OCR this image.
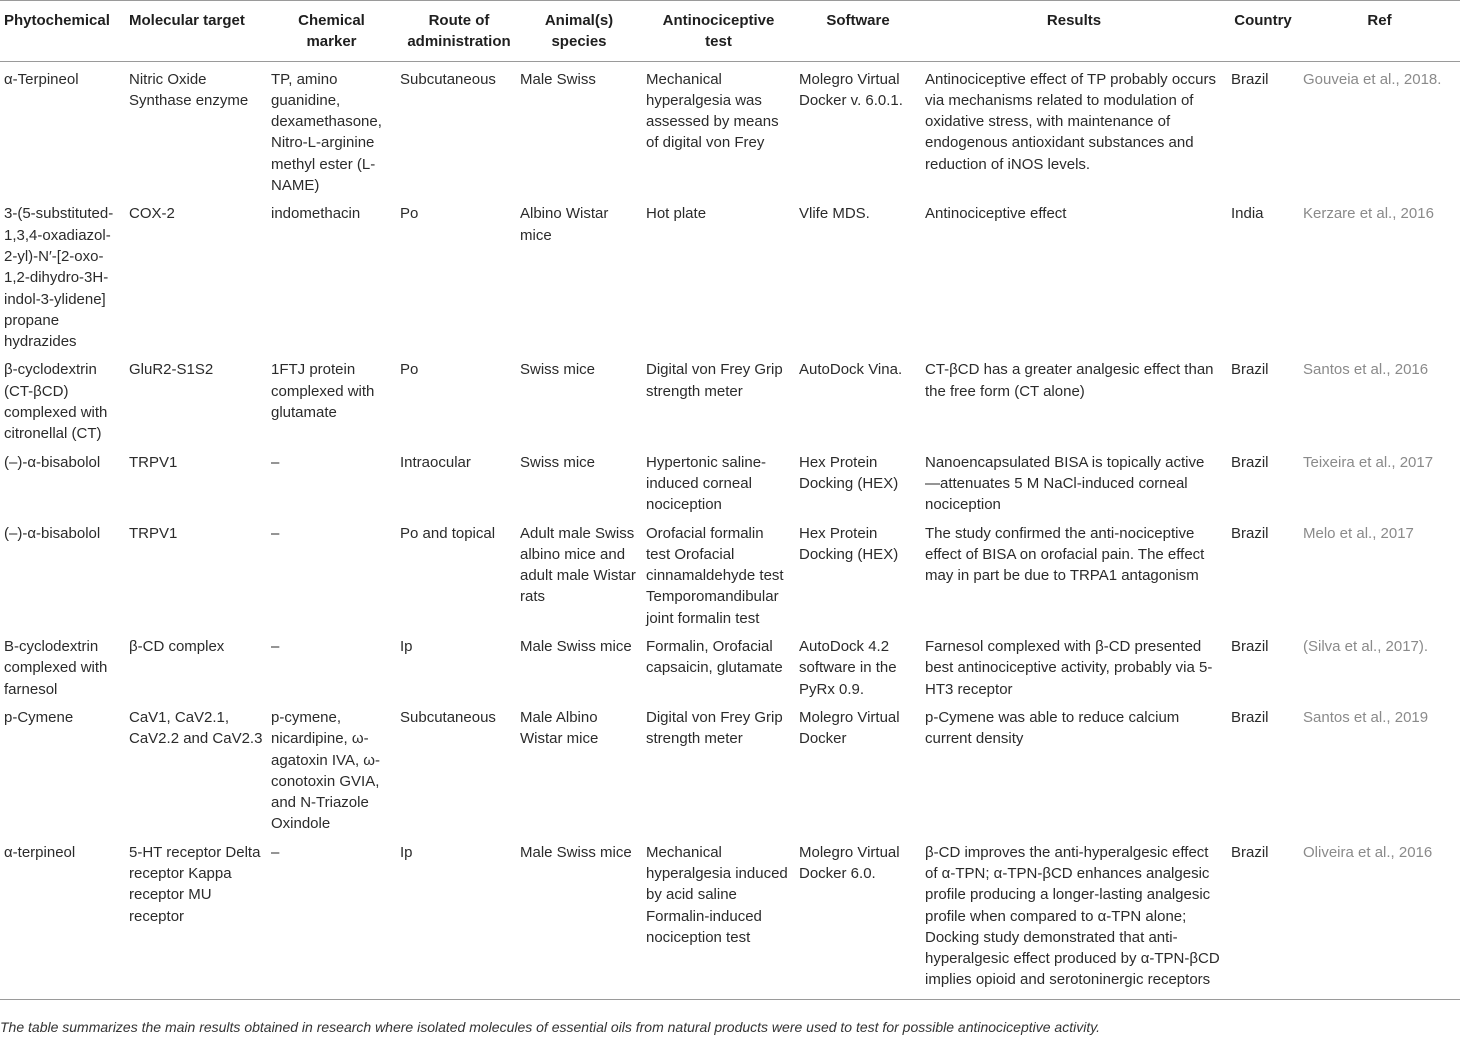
Phytochemical	Molecular target	Chemical marker	Route of administration	Animal(s) species	Antinociceptive test	Software	Results	Country	Ref
α-Terpineol	Nitric Oxide Synthase enzyme	TP, amino guanidine, dexamethasone, Nitro-L-arginine methyl ester (L-NAME)	Subcutaneous	Male Swiss	Mechanical hyperalgesia was assessed by means of digital von Frey	Molegro Virtual Docker v. 6.0.1.	Antinociceptive effect of TP probably occurs via mechanisms related to modulation of oxidative stress, with maintenance of endogenous antioxidant substances and reduction of iNOS levels.	Brazil	Gouveia et al., 2018.
3-(5-substituted-1,3,4-oxadiazol-2-yl)-N′-[2-oxo-1,2-dihydro-3H-indol-3-ylidene] propane hydrazides	COX-2	indomethacin	Po	Albino Wistar mice	Hot plate	Vlife MDS.	Antinociceptive effect	India	Kerzare et al., 2016
β-cyclodextrin (CT-βCD) complexed with citronellal (CT)	GluR2-S1S2	1FTJ protein complexed with glutamate	Po	Swiss mice	Digital von Frey Grip strength meter	AutoDock Vina.	CT-βCD has a greater analgesic effect than the free form (CT alone)	Brazil	Santos et al., 2016
(–)-α-bisabolol	TRPV1	–	Intraocular	Swiss mice	Hypertonic saline-induced corneal nociception	Hex Protein Docking (HEX)	Nanoencapsulated BISA is topically active —attenuates 5 M NaCl-induced corneal nociception	Brazil	Teixeira et al., 2017
(–)-α-bisabolol	TRPV1	–	Po and topical	Adult male Swiss albino mice and adult male Wistar rats	Orofacial formalin test Orofacial cinnamaldehyde test Temporomandibular joint formalin test	Hex Protein Docking (HEX)	The study confirmed the anti-nociceptive effect of BISA on orofacial pain. The effect may in part be due to TRPA1 antagonism	Brazil	Melo et al., 2017
B-cyclodextrin complexed with farnesol	β-CD complex	–	Ip	Male Swiss mice	Formalin, Orofacial capsaicin, glutamate	AutoDock 4.2 software in the PyRx 0.9.	Farnesol complexed with β-CD presented best antinociceptive activity, probably via 5-HT3 receptor	Brazil	(Silva et al., 2017).
p-Cymene	CaV1, CaV2.1, CaV2.2 and CaV2.3	p-cymene, nicardipine, ω-agatoxin IVA, ω-conotoxin GVIA, and N-Triazole Oxindole	Subcutaneous	Male Albino Wistar mice	Digital von Frey Grip strength meter	Molegro Virtual Docker	p-Cymene was able to reduce calcium current density	Brazil	Santos et al., 2019
α-terpineol	5-HT receptor Delta receptor Kappa receptor MU receptor	–	Ip	Male Swiss mice	Mechanical hyperalgesia induced by acid saline Formalin-induced nociception test	Molegro Virtual Docker 6.0.	β-CD improves the anti-hyperalgesic effect of α-TPN; α-TPN-βCD enhances analgesic profile producing a longer-lasting analgesic profile when compared to α-TPN alone; Docking study demonstrated that anti-hyperalgesic effect produced by α-TPN-βCD implies opioid and serotoninergic receptors	Brazil	Oliveira et al., 2016
The table summarizes the main results obtained in research where isolated molecules of essential oils from natural products were used to test for possible antinociceptive activity.
